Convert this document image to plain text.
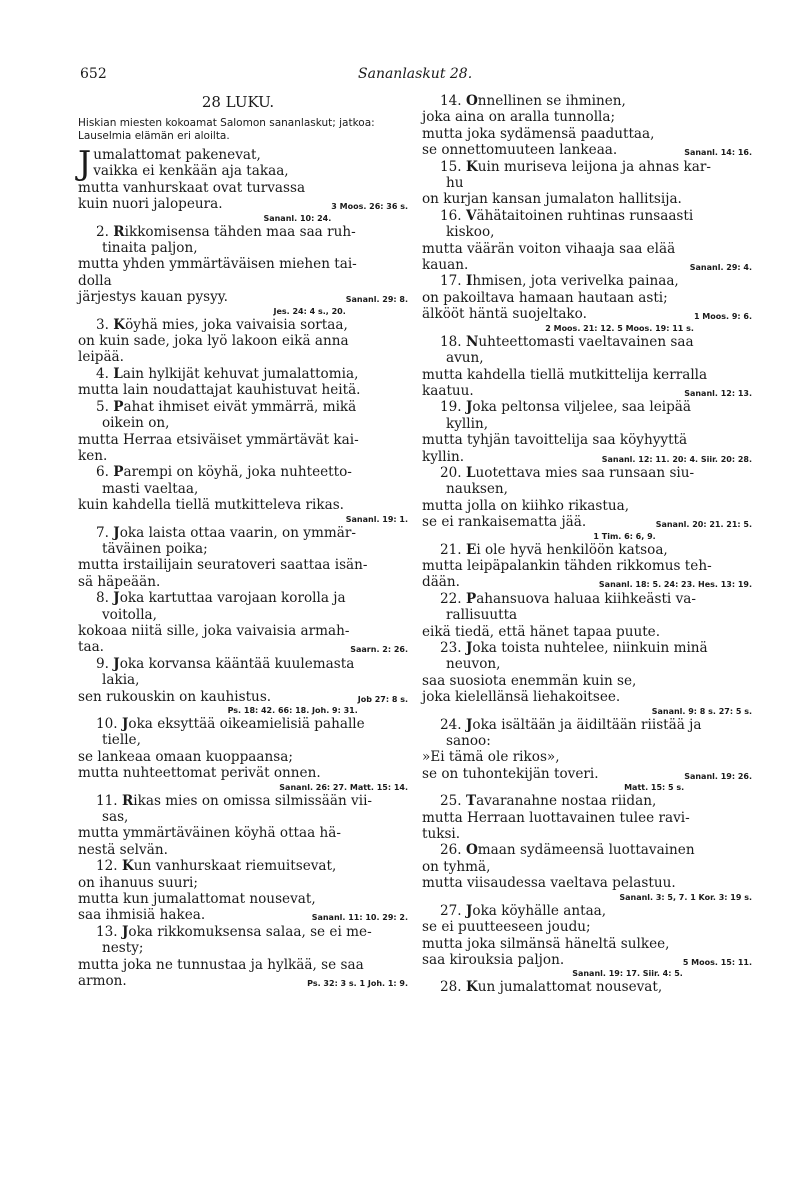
652	Sananlaskut 28.
28 LUKU.
Hiskian miesten kokoamat Salomon sananlaskut; jatkoa: Lauselmia elämän eri aloilta.
J umalattomat pakenevat,
vaikka ei kenkään aja takaa,
mutta vanhurskaat ovat turvassa
kuin nuori jalopeura.	3 Moos. 26: 36 s.
Sananl. 10: 24.
2. Rikkomisensa tähden maa saa ruh-
tinaita paljon,
mutta yhden ymmärtäväisen miehen tai-
dolla
järjestys kauan pysyy.	Sananl. 29: 8.
Jes. 24: 4 s., 20.
3. Köyhä mies, joka vaivaisia sortaa,
on kuin sade, joka lyö lakoon eikä anna
leipää.
4. Lain hylkijät kehuvat jumalattomia,
mutta lain noudattajat kauhistuvat heitä.
5. Pahat ihmiset eivät ymmärrä, mikä
oikein on,
mutta Herraa etsiväiset ymmärtävät kai-
ken.
6. Parempi on köyhä, joka nuhteetto-
masti vaeltaa,
kuin kahdella tiellä mutkitteleva rikas.
Sananl. 19: 1.
7. Joka laista ottaa vaarin, on ymmär-
täväinen poika;
mutta irstailijain seuratoveri saattaa isän-
sä häpeään.
8. Joka kartuttaa varojaan korolla ja
voitolla,
kokoaa niitä sille, joka vaivaisia armah-
taa.	Saarn. 2: 26.
9. Joka korvansa kääntää kuulemasta
lakia,
sen rukouskin on kauhistus.	Job 27: 8 s.
Ps. 18: 42. 66: 18. Joh. 9: 31.
10. Joka eksyttää oikeamielisiä pahalle
tielle,
se lankeaa omaan kuoppaansa;
mutta nuhteettomat perivät onnen.
Sananl. 26: 27. Matt. 15: 14.
11. Rikas mies on omissa silmissään vii-
sas,
mutta ymmärtäväinen köyhä ottaa hä-
nestä selvän.
12. Kun vanhurskaat riemuitsevat,
on ihanuus suuri;
mutta kun jumalattomat nousevat,
saa ihmisiä hakea.	Sananl. 11: 10. 29: 2.
13. Joka rikkomuksensa salaa, se ei me-
nesty;
mutta joka ne tunnustaa ja hylkää, se saa
armon.	Ps. 32: 3 s. 1 Joh. 1: 9.
14. Onnellinen se ihminen,
joka aina on aralla tunnolla;
mutta joka sydämensä paaduttaa,
se onnettomuuteen lankeaa.	Sananl. 14: 16.
15. Kuin muriseva leijona ja ahnas kar-
hu
on kurjan kansan jumalaton hallitsija.
16. Vähätaitoinen ruhtinas runsaasti
kiskoo,
mutta väärän voiton vihaaja saa elää
kauan.	Sananl. 29: 4.
17. Ihmisen, jota verivelka painaa,
on pakoiltava hamaan hautaan asti;
älkööt häntä suojeltako.	1 Moos. 9: 6.
2 Moos. 21: 12. 5 Moos. 19: 11 s.
18. Nuhteettomasti vaeltavainen saa
avun,
mutta kahdella tiellä mutkittelija kerralla
kaatuu.	Sananl. 12: 13.
19. Joka peltonsa viljelee, saa leipää
kyllin,
mutta tyhjän tavoittelija saa köyhyyttä
kyllin.	Sananl. 12: 11. 20: 4. Siir. 20: 28.
20. Luotettava mies saa runsaan siu-
nauksen,
mutta jolla on kiihko rikastua,
se ei rankaisematta jää.	Sananl. 20: 21. 21: 5.
1 Tim. 6: 6, 9.
21. Ei ole hyvä henkilöön katsoa,
mutta leipäpalankin tähden rikkomus teh-
dään.	Sananl. 18: 5. 24: 23. Hes. 13: 19.
22. Pahansuova haluaa kiihkeästi va-
rallisuutta
eikä tiedä, että hänet tapaa puute.
23. Joka toista nuhtelee, niinkuin minä
neuvon,
saa suosiota enemmän kuin se,
joka kielellänsä liehakoitsee.
Sananl. 9: 8 s. 27: 5 s.
24. Joka isältään ja äidiltään riistää ja
sanoo:
»Ei tämä ole rikos»,
se on tuhontekijän toveri.	Sananl. 19: 26.
Matt. 15: 5 s.
25. Tavaranahne nostaa riidan,
mutta Herraan luottavainen tulee ravi-
tuksi.
26. Omaan sydämeensä luottavainen
on tyhmä,
mutta viisaudessa vaeltava pelastuu.
Sananl. 3: 5, 7. 1 Kor. 3: 19 s.
27. Joka köyhälle antaa,
se ei puutteeseen joudu;
mutta joka silmänsä häneltä sulkee,
saa kirouksia paljon.	5 Moos. 15: 11.
Sananl. 19: 17. Siir. 4: 5.
28. Kun jumalattomat nousevat,
